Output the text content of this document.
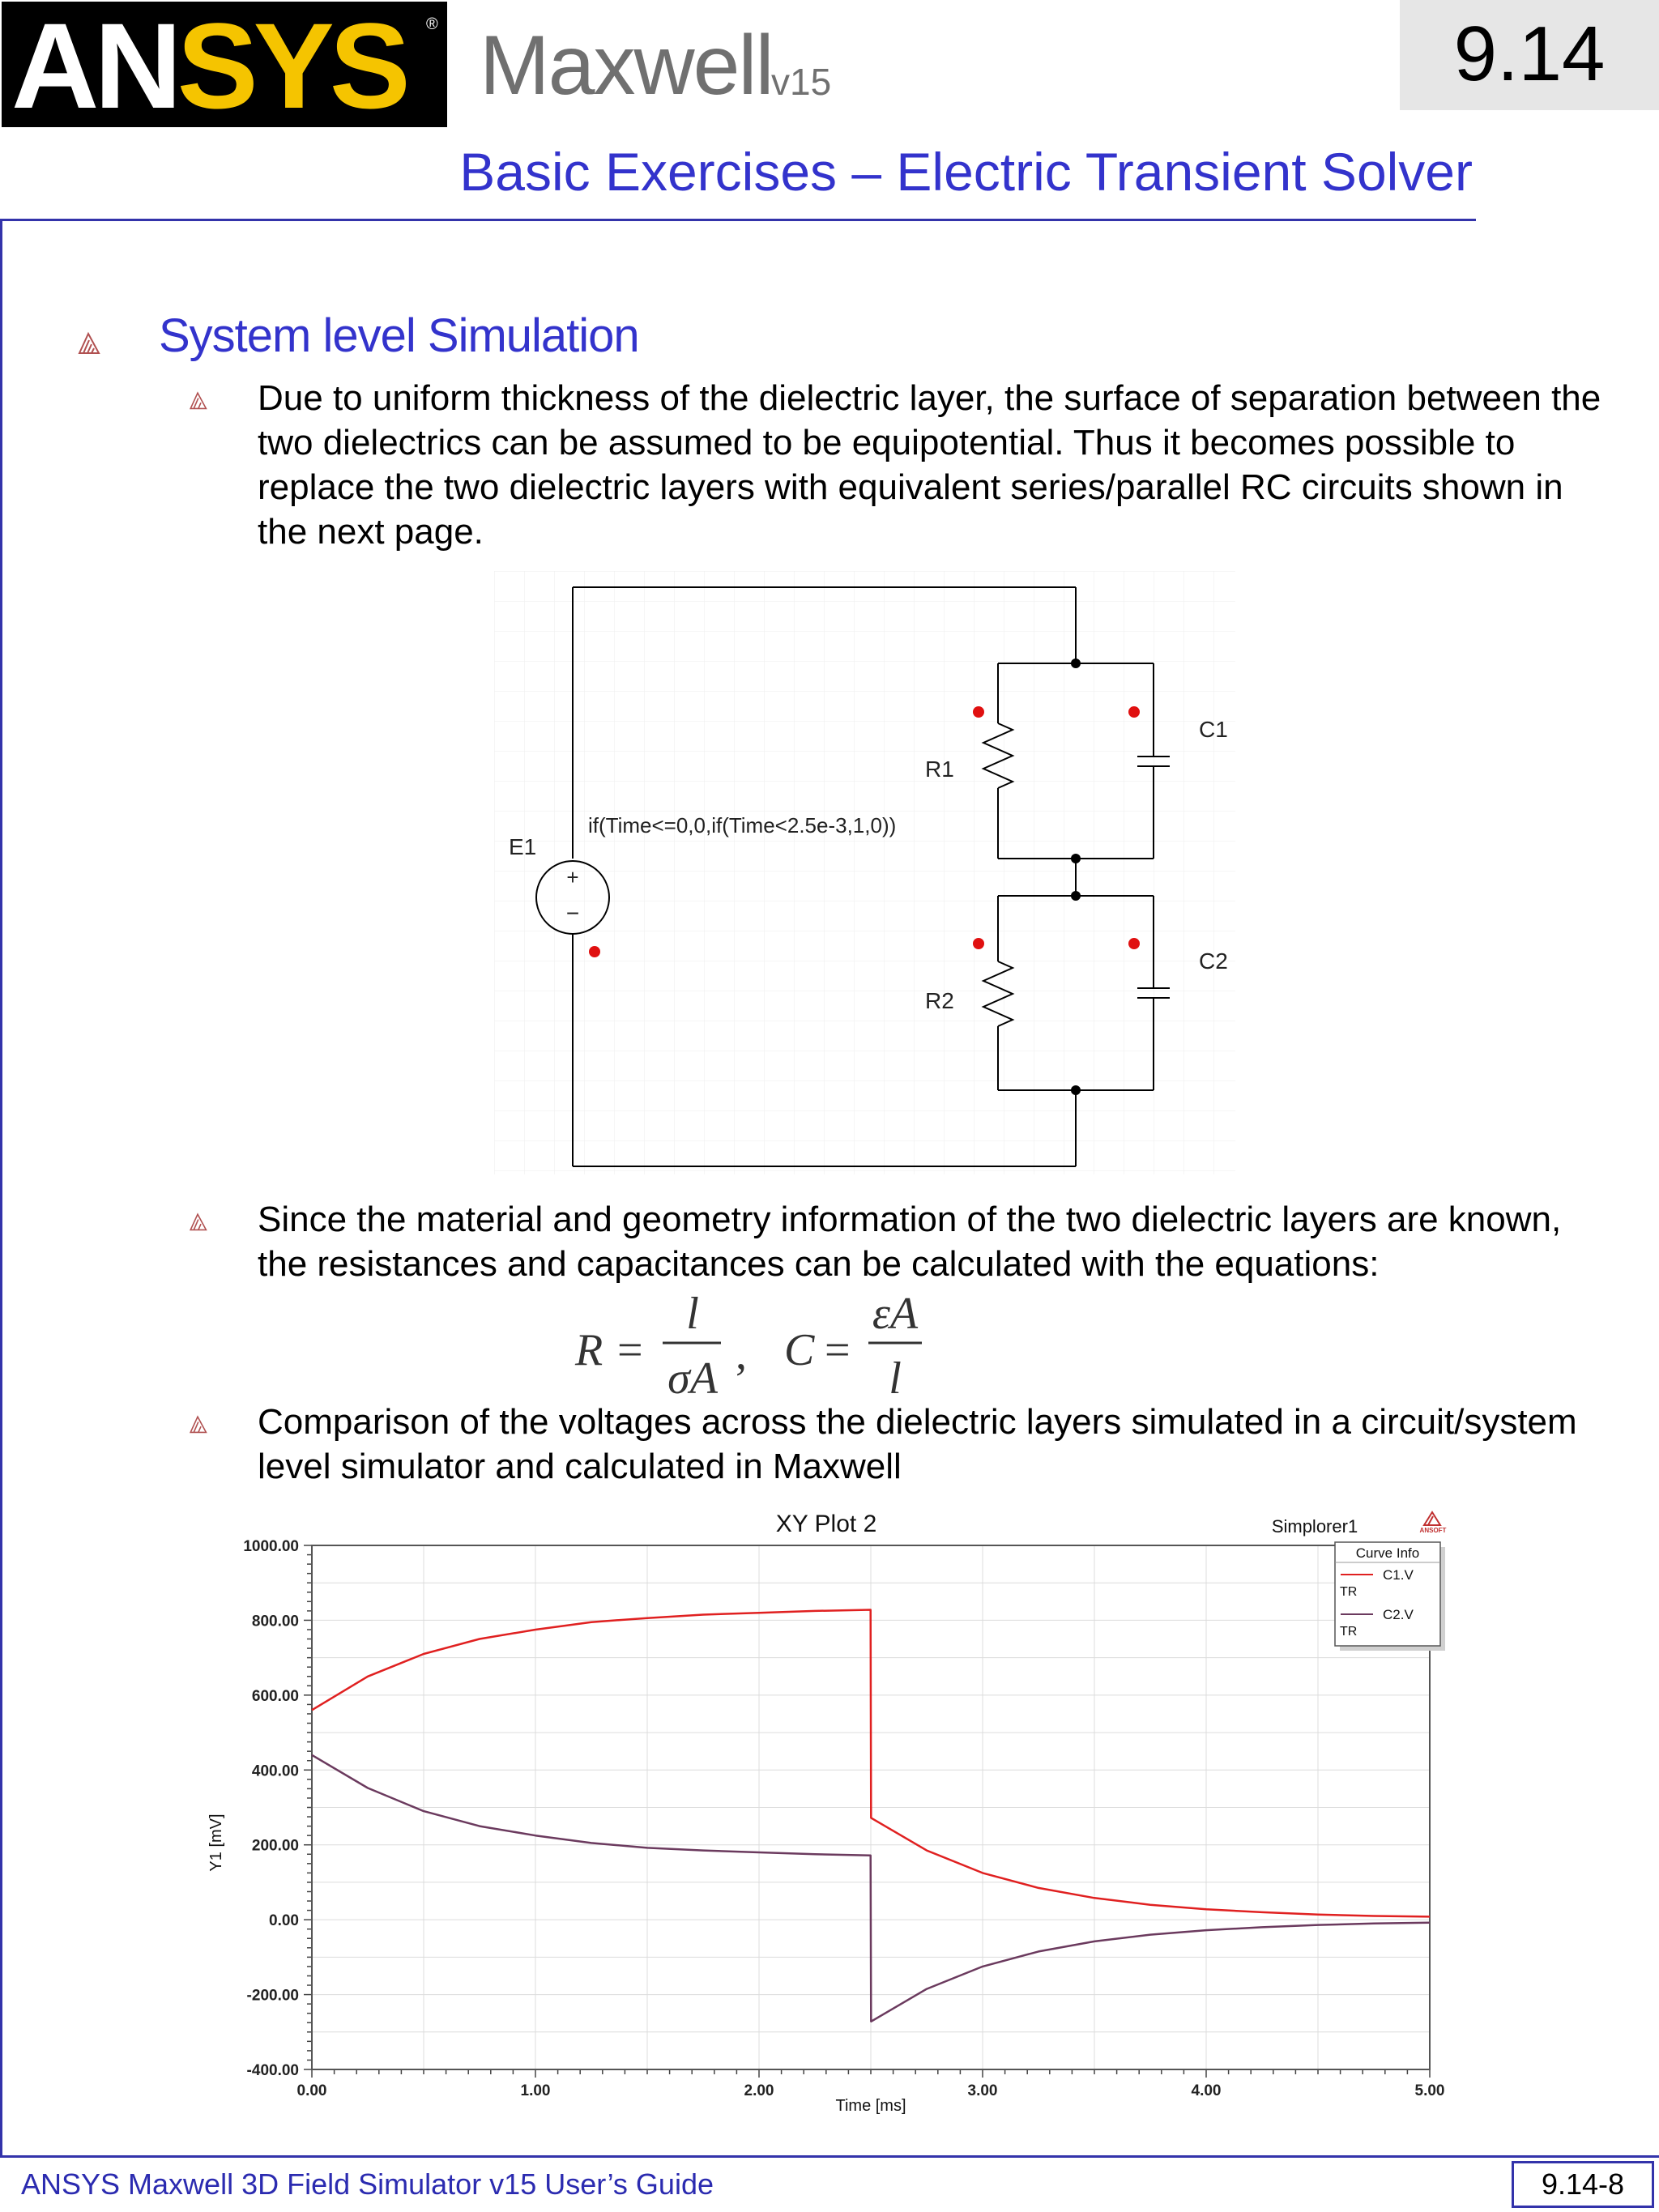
ANSYS ® Maxwell
v15	9.14
Basic Exercises – Electric Transient Solver
System level Simulation
Due to uniform thickness of the dielectric layer, the surface of separation between the two dielectrics can be assumed to be equipotential. Thus it becomes possible to replace the two dielectric layers with equivalent series/parallel RC circuits shown in the next page.
+
−
E1
if(Time<=0,0,if(Time<2.5e-3,1,0))
R1
C1
R2
C2
Since the material and geometry information of the two dielectric layers are known, the resistances and capacitances can be calculated with the equations:
R =
l
σA , C =
εA
l
Comparison of the voltages across the dielectric layers simulated in a circuit/system level simulator and calculated in Maxwell
1000.00
800.00
600.00
400.00
200.00
0.00
-200.00
-400.00
0.00	1.00	2.00	3.00	4.00	5.00
XY Plot 2
Time [ms]
Y1 [mV]
Simplorer1	ANSOFT
Curve Info
C1.V
TR
C2.V
TR
ANSYS Maxwell 3D Field Simulator v15 User’s Guide	9.14-8
